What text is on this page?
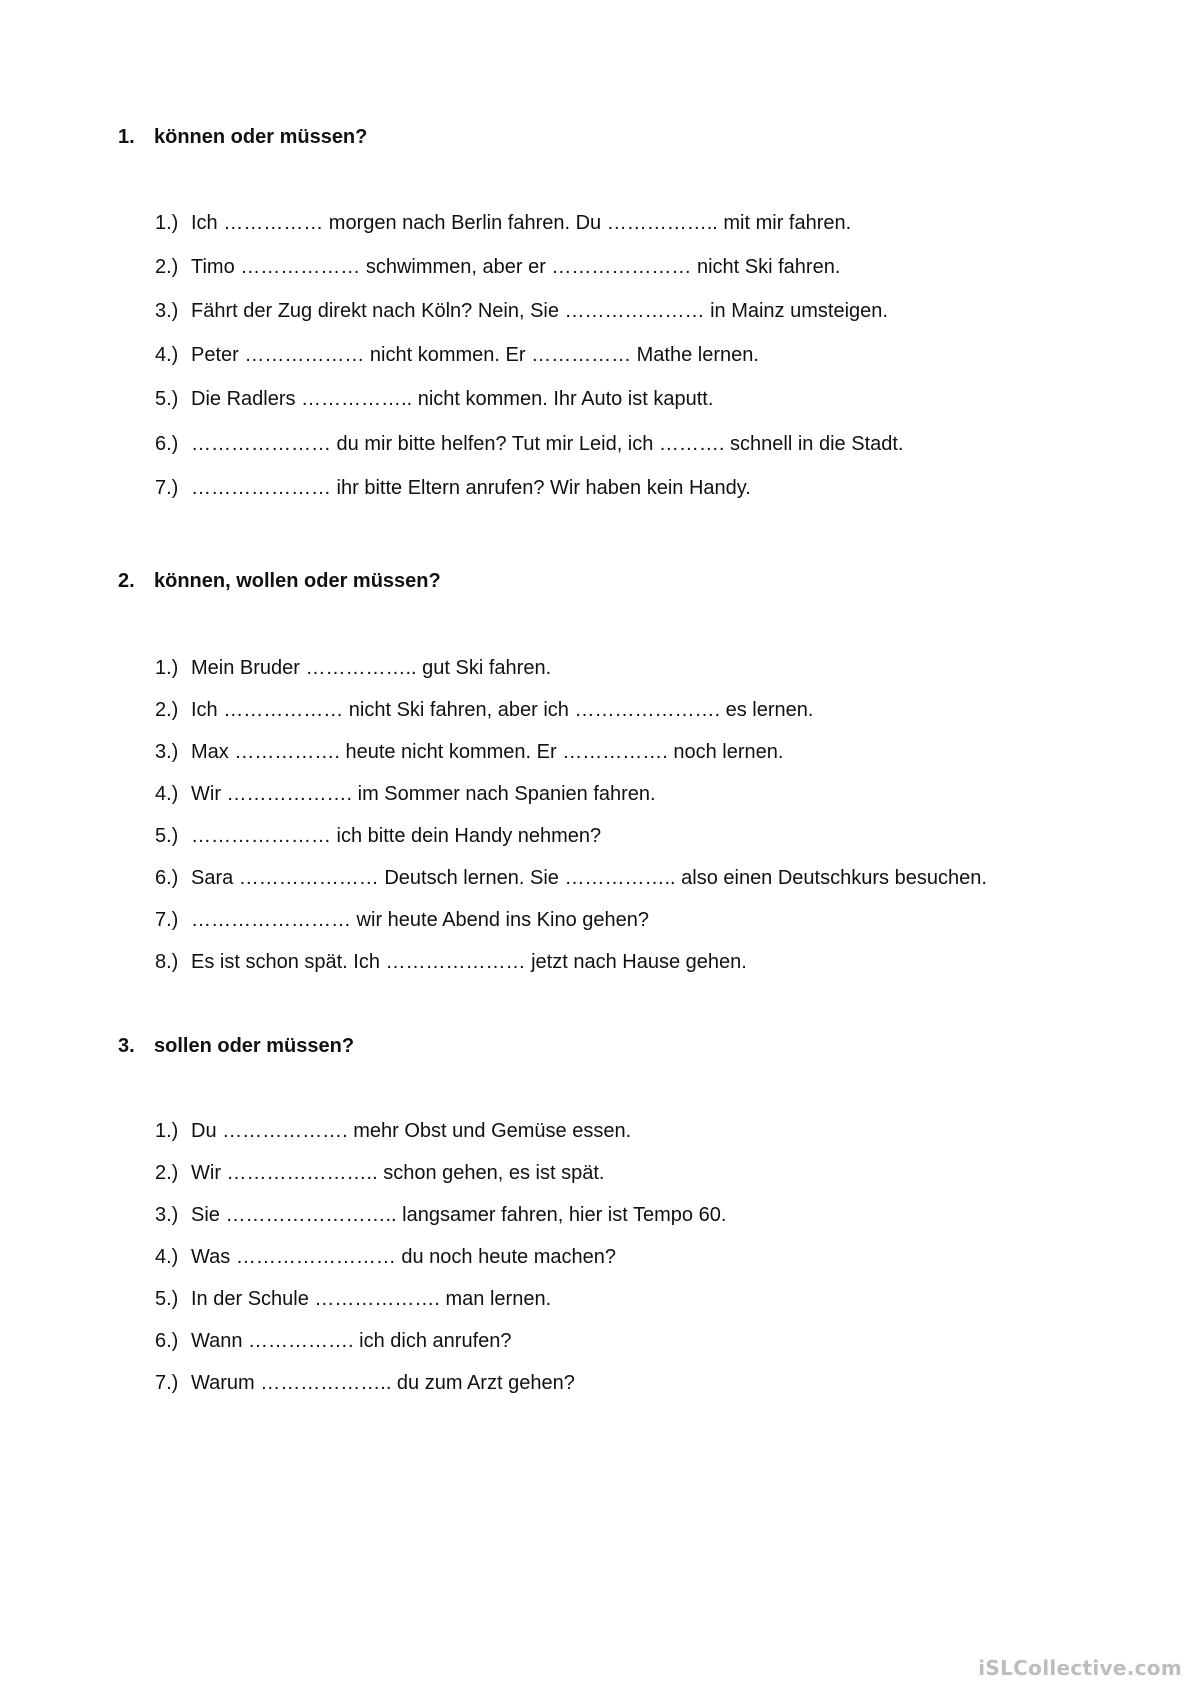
1. können oder müssen?
1.) Ich …………… morgen nach Berlin fahren. Du …………….. mit mir fahren.
2.) Timo ……………… schwimmen, aber er ………………… nicht Ski fahren.
3.) Fährt der Zug direkt nach Köln? Nein, Sie ………………… in Mainz umsteigen.
4.) Peter ……………… nicht kommen. Er …………… Mathe lernen.
5.) Die Radlers …………….. nicht kommen. Ihr Auto ist kaputt.
6.) ………………… du mir bitte helfen? Tut mir Leid, ich ………. schnell in die Stadt.
7.) ………………… ihr bitte Eltern anrufen? Wir haben kein Handy.
2. können, wollen oder müssen?
1.) Mein Bruder …………….. gut Ski fahren.
2.) Ich ……………… nicht Ski fahren, aber ich …………………. es lernen.
3.) Max ……………. heute nicht kommen. Er ……………. noch lernen.
4.) Wir ………………. im Sommer nach Spanien fahren.
5.) ………………… ich bitte dein Handy nehmen?
6.) Sara ………………… Deutsch lernen. Sie …………….. also einen Deutschkurs besuchen.
7.) …………………… wir heute Abend ins Kino gehen?
8.) Es ist schon spät. Ich ………………… jetzt nach Hause gehen.
3. sollen oder müssen?
1.) Du ………………. mehr Obst und Gemüse essen.
2.) Wir ………………….. schon gehen, es ist spät.
3.) Sie …………………….. langsamer fahren, hier ist Tempo 60.
4.) Was …………………… du noch heute machen?
5.) In der Schule ………………. man lernen.
6.) Wann ……………. ich dich anrufen?
7.) Warum ……………….. du zum Arzt gehen?
iSLCollective.com
